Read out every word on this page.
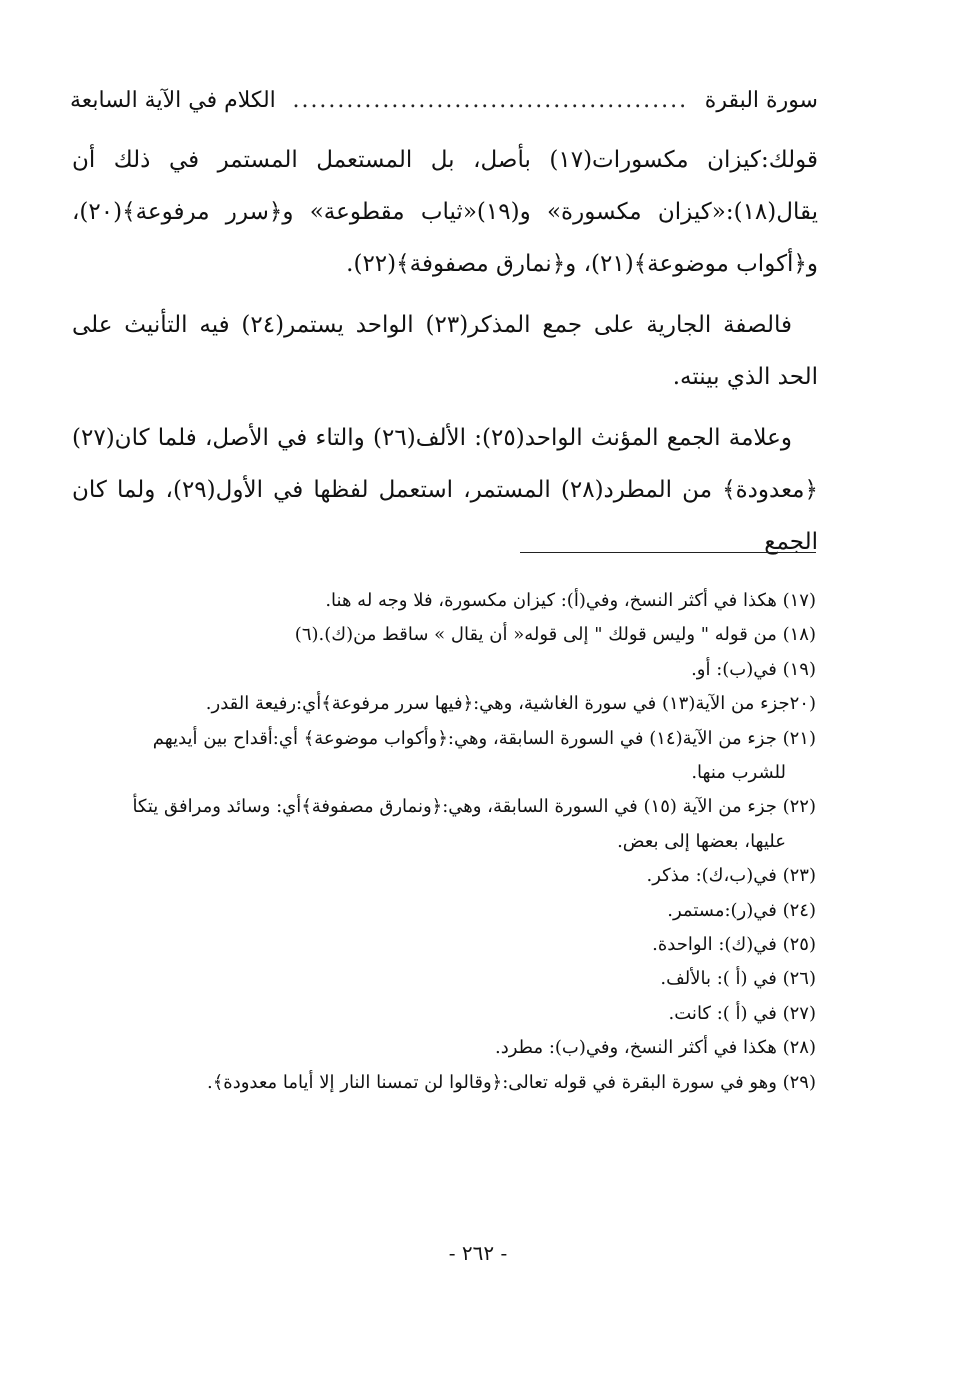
سورة البقرة
............................................
الكلام في الآية السابعة

قولك:كيزان مكسورات(١٧) بأصل، بل المستعمل المستمر في ذلك أن يقال(١٨):«كيزان مكسورة» و(١٩)«ثياب مقطوعة» و﴿سرر مرفوعة﴾(٢٠)، و﴿أكواب موضوعة﴾(٢١)، و﴿نمارق مصفوفة﴾(٢٢).

فالصفة الجارية على جمع المذكر(٢٣) الواحد يستمر(٢٤) فيه التأنيث على الحد الذي بينته.

وعلامة الجمع المؤنث الواحد(٢٥): الألف(٢٦) والتاء في الأصل، فلما كان(٢٧) ﴿معدودة﴾ من المطرد(٢٨) المستمر، استعمل لفظها في الأول(٢٩)، ولما كان الجمع

(١٧) هكذا في أكثر النسخ، وفي(أ): كيزان مكسورة، فلا وجه له هنا.

(١٨) من قوله " وليس قولك " إلى قوله« أن يقال » ساقط من(ك).(٦)

(١٩) في(ب): أو.

(٢٠جزء من الآية(١٣) في سورة الغاشية، وهي:﴿فيها سرر مرفوعة﴾أي:رفيعة القدر.

(٢١) جزء من الآية(١٤) في السورة السابقة، وهي:﴿وأكواب موضوعة﴾ أي:أقداح بين أيديهم

للشرب منها.

(٢٢) جزء من الآية (١٥) في السورة السابقة، وهي:﴿ونمارق مصفوفة﴾أي: وسائد ومرافق يتكأ

عليها، بعضها إلى بعض.

(٢٣) في(ب،ك): مذكر.

(٢٤) في(ر):مستمر.

(٢٥) في(ك): الواحدة.

(٢٦) في (أ ): بالألف.

(٢٧) في (أ ): كانت.

(٢٨) هكذا في أكثر النسخ، وفي(ب): مطرد.

(٢٩) وهو في سورة البقرة في قوله تعالى:﴿وقالوا لن تمسنا النار إلا أياما معدودة﴾.

- ٢٦٢ -
